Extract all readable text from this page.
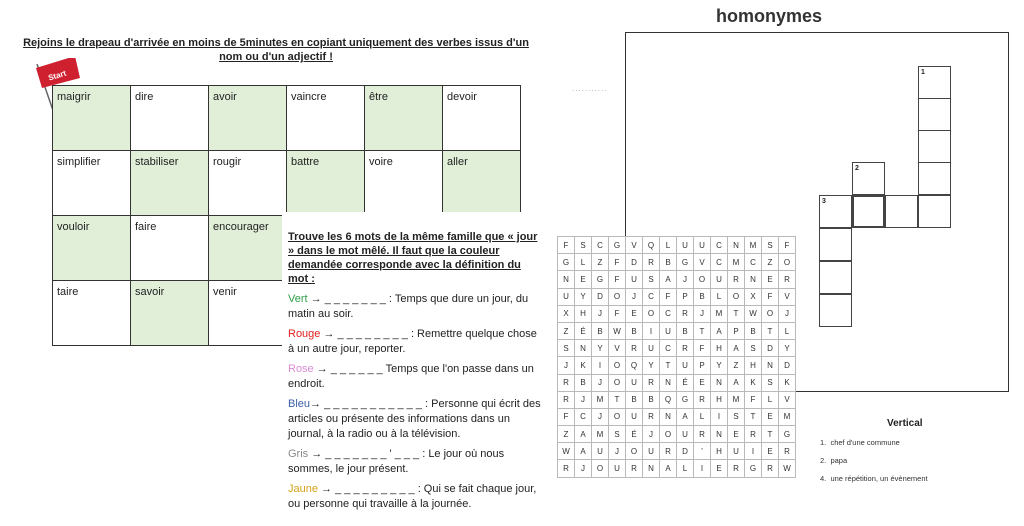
Rejoins le drapeau d'arrivée en moins de 5minutes en copiant uniquement des verbes issus d'un nom ou d'un adjectif !
Start
maigrir	dire	avoir	vaincre	être	devoir
simplifier	stabiliser	rougir	battre	voire	aller
vouloir	faire	encourager			
taire	savoir	venir			
Trouve les 6 mots de la même famille que « jour » dans le mot mêlé. Il faut que la couleur demandée corresponde avec la définition du mot :

Vert → _ _ _ _ _ _ _ : Temps que dure un jour, du matin au soir.

Rouge → _ _ _ _ _ _ _ _ : Remettre quelque chose à un autre jour, reporter.

Rose → _ _ _ _ _ _ Temps que l'on passe dans un endroit.

Bleu→ _ _ _ _ _ _ _ _ _ _ _ : Personne qui écrit des articles ou présente des informations dans un journal, à la radio ou à la télévision.

Gris → _ _ _ _ _ _ _ ' _ _ _ : Le jour où nous sommes, le jour présent.

Jaune → _ _ _ _ _ _ _ _ _ : Qui se fait chaque jour, ou personne qui travaille à la journée.

homonymes
...........
1
2
3
F	S	C	G	V	Q	L	U	U	C	N	M	S	F
G	L	Z	F	D	R	B	G	V	C	M	C	Z	O
N	E	G	F	U	S	A	J	O	U	R	N	E	R
U	Y	D	O	J	C	F	P	B	L	O	X	F	V
X	H	J	F	E	O	C	R	J	M	T	W	O	J
Z	É	B	W	B	I	U	B	T	A	P	B	T	L
S	N	Y	V	R	U	C	R	F	H	A	S	D	Y
J	K	I	O	Q	Y	T	U	P	Y	Z	H	N	D
R	B	J	O	U	R	N	É	E	N	A	K	S	K
R	J	M	T	B	B	Q	G	R	H	M	F	L	V
F	C	J	O	U	R	N	A	L	I	S	T	E	M
Z	A	M	S	É	J	O	U	R	N	E	R	T	G
W	A	U	J	O	U	R	D	'	H	U	I	E	R
R	J	O	U	R	N	A	L	I	E	R	G	R	W
Vertical
1. chef d'une commune
2. papa
4. une répétition, un évènement
